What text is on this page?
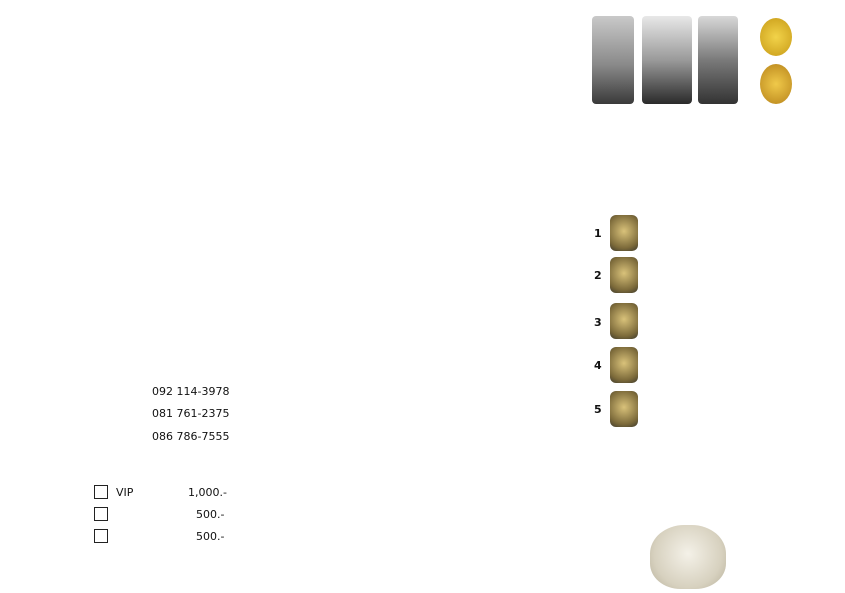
092 114-3978
081 761-2375
086 786-7555
VIP	1,000.-
500.-
500.-
1
2
3
4
5
